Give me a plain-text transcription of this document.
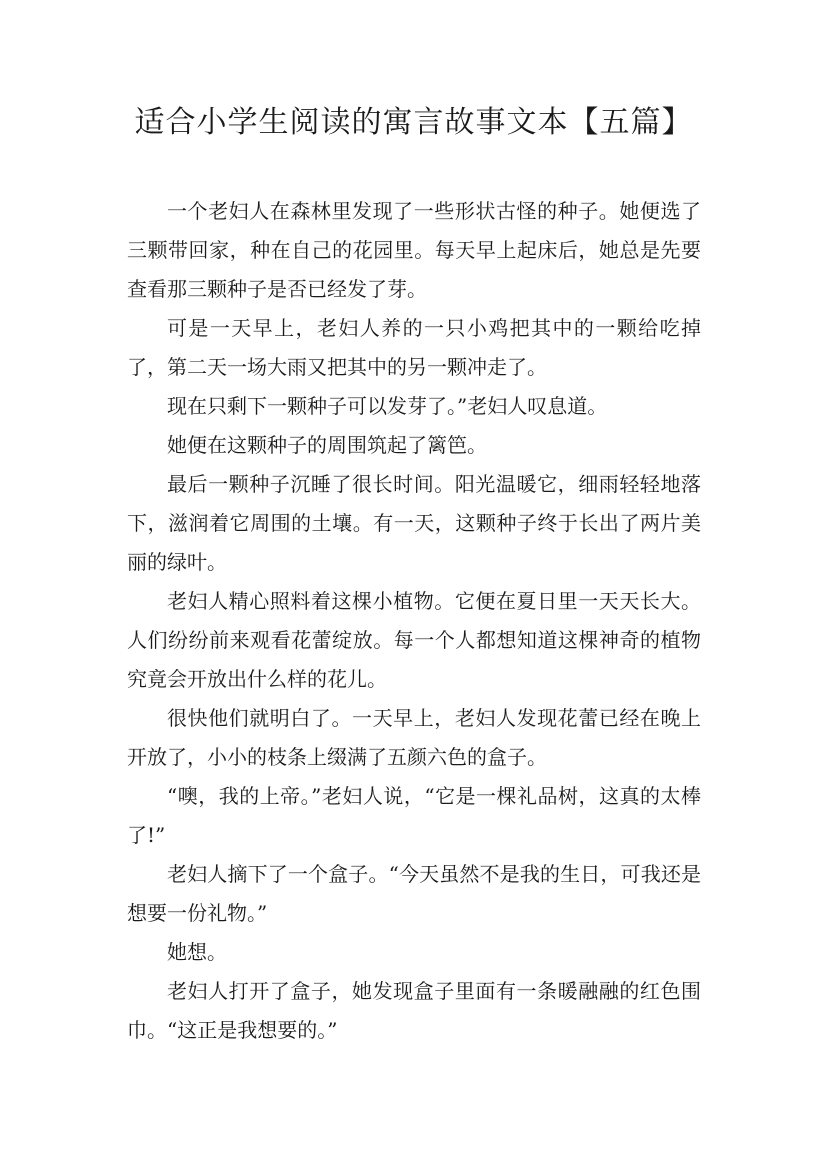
适合小学生阅读的寓言故事文本【五篇】

一个老妇人在森林里发现了一些形状古怪的种子。她便选了三颗带回家，种在自己的花园里。每天早上起床后，她总是先要查看那三颗种子是否已经发了芽。

可是一天早上，老妇人养的一只小鸡把其中的一颗给吃掉了，第二天一场大雨又把其中的另一颗冲走了。

现在只剩下一颗种子可以发芽了。”老妇人叹息道。

她便在这颗种子的周围筑起了篱笆。

最后一颗种子沉睡了很长时间。阳光温暖它，细雨轻轻地落下，滋润着它周围的土壤。有一天，这颗种子终于长出了两片美丽的绿叶。

老妇人精心照料着这棵小植物。它便在夏日里一天天长大。人们纷纷前来观看花蕾绽放。每一个人都想知道这棵神奇的植物究竟会开放出什么样的花儿。

很快他们就明白了。一天早上，老妇人发现花蕾已经在晚上开放了，小小的枝条上缀满了五颜六色的盒子。

“噢，我的上帝。”老妇人说，“它是一棵礼品树，这真的太棒了!”

老妇人摘下了一个盒子。“今天虽然不是我的生日，可我还是想要一份礼物。”

她想。

老妇人打开了盒子，她发现盒子里面有一条暖融融的红色围巾。“这正是我想要的。”
